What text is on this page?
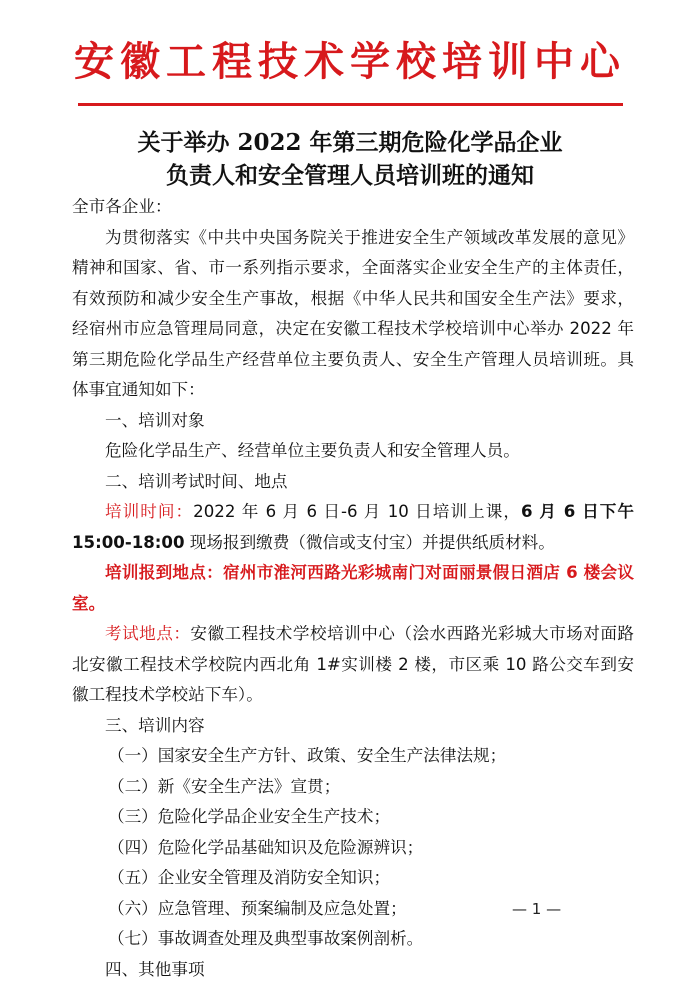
安徽工程技术学校培训中心
关于举办 2022 年第三期危险化学品企业
负责人和安全管理人员培训班的通知

全市各企业：

为贯彻落实《中共中央国务院关于推进安全生产领域改革发展的意见》精神和国家、省、市一系列指示要求，全面落实企业安全生产的主体责任，有效预防和减少安全生产事故，根据《中华人民共和国安全生产法》要求，经宿州市应急管理局同意，决定在安徽工程技术学校培训中心举办 2022 年第三期危险化学品生产经营单位主要负责人、安全生产管理人员培训班。具体事宜通知如下：

一、培训对象

危险化学品生产、经营单位主要负责人和安全管理人员。

二、培训考试时间、地点

培训时间：2022 年 6 月 6 日-6 月 10 日培训上课，6 月 6 日下午 15:00-18:00 现场报到缴费（微信或支付宝）并提供纸质材料。

培训报到地点：宿州市淮河西路光彩城南门对面丽景假日酒店 6 楼会议室。

考试地点：安徽工程技术学校培训中心（浍水西路光彩城大市场对面路北安徽工程技术学校院内西北角 1#实训楼 2 楼，市区乘 10 路公交车到安徽工程技术学校站下车）。

三、培训内容

（一）国家安全生产方针、政策、安全生产法律法规；

（二）新《安全生产法》宣贯；

（三）危险化学品企业安全生产技术；

（四）危险化学品基础知识及危险源辨识；

（五）企业安全管理及消防安全知识；

（六）应急管理、预案编制及应急处置；

（七）事故调查处理及典型事故案例剖析。

四、其他事项

— 1 —
